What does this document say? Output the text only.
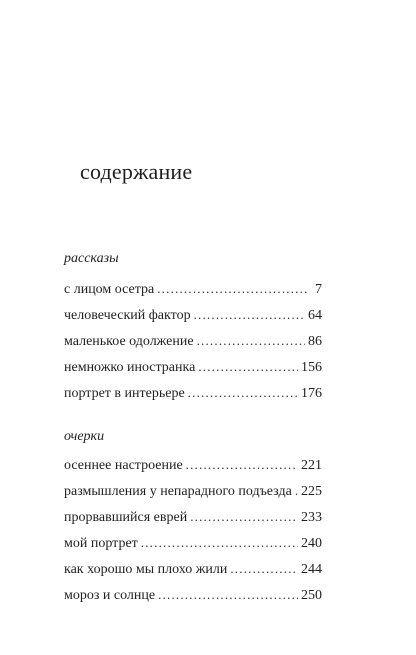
содержание
рассказы
с лицом осетра .....	7
человеческий фактор .....	64
маленькое одолжение .....	86
немножко иностранка .....	156
портрет в интерьере .....	176
очерки
осеннее настроение .....	221
размышления у непарадного подъезда ..... 225
прорвавшийся еврей .....	233
мой портрет .....	240
как хорошо мы плохо жили .....	244
мороз и солнце .....	250
